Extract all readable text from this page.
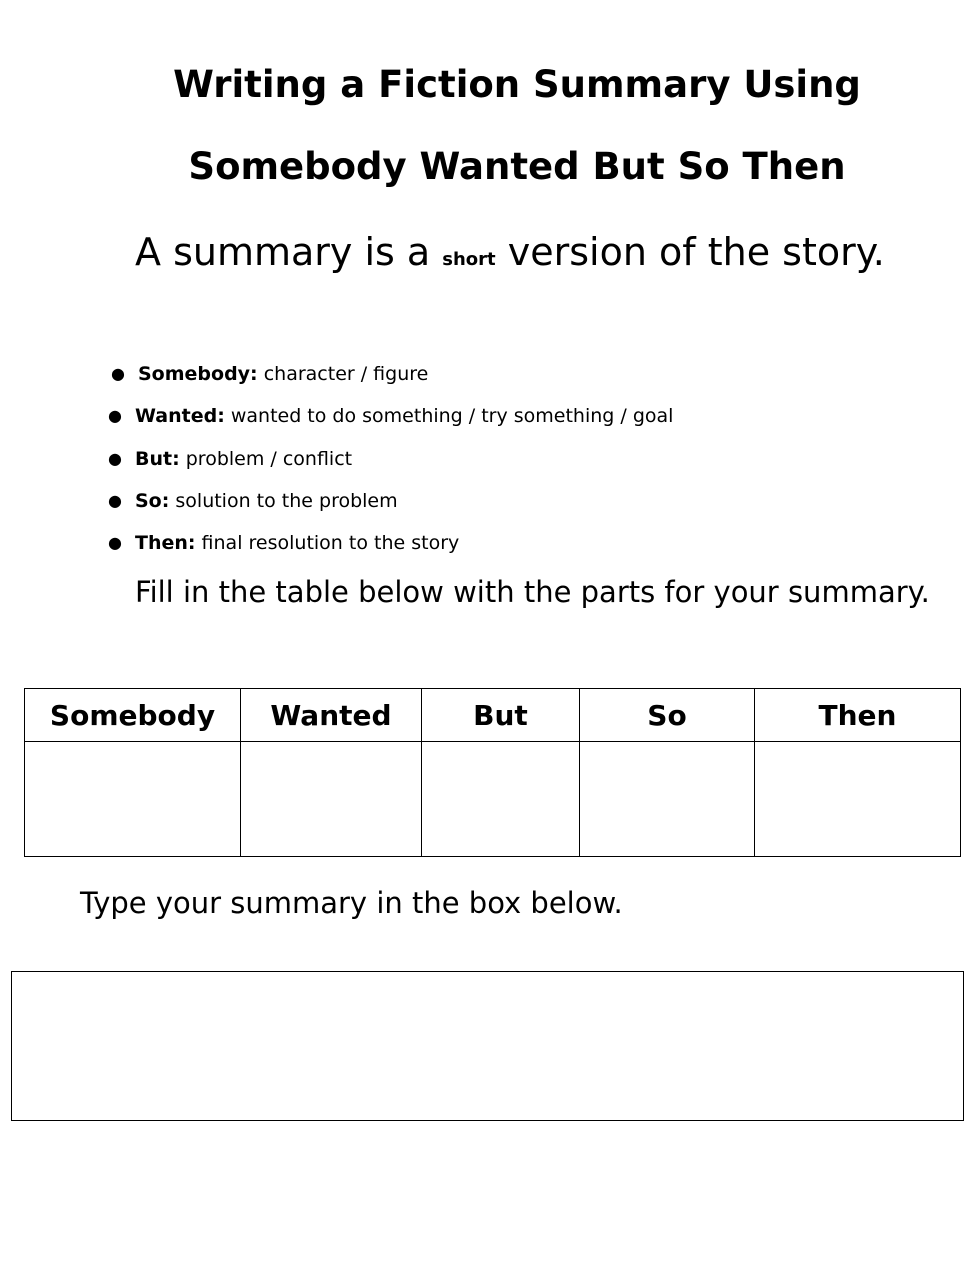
Writing a Fiction Summary Using
Somebody Wanted But So Then
A summary is a short version of the story.
● Somebody: character / figure
● Wanted: wanted to do something / try something / goal
● But: problem / conflict
● So: solution to the problem
● Then: final resolution to the story
Fill in the table below with the parts for your summary.
Somebody	Wanted	But	So	Then

Type your summary in the box below.
